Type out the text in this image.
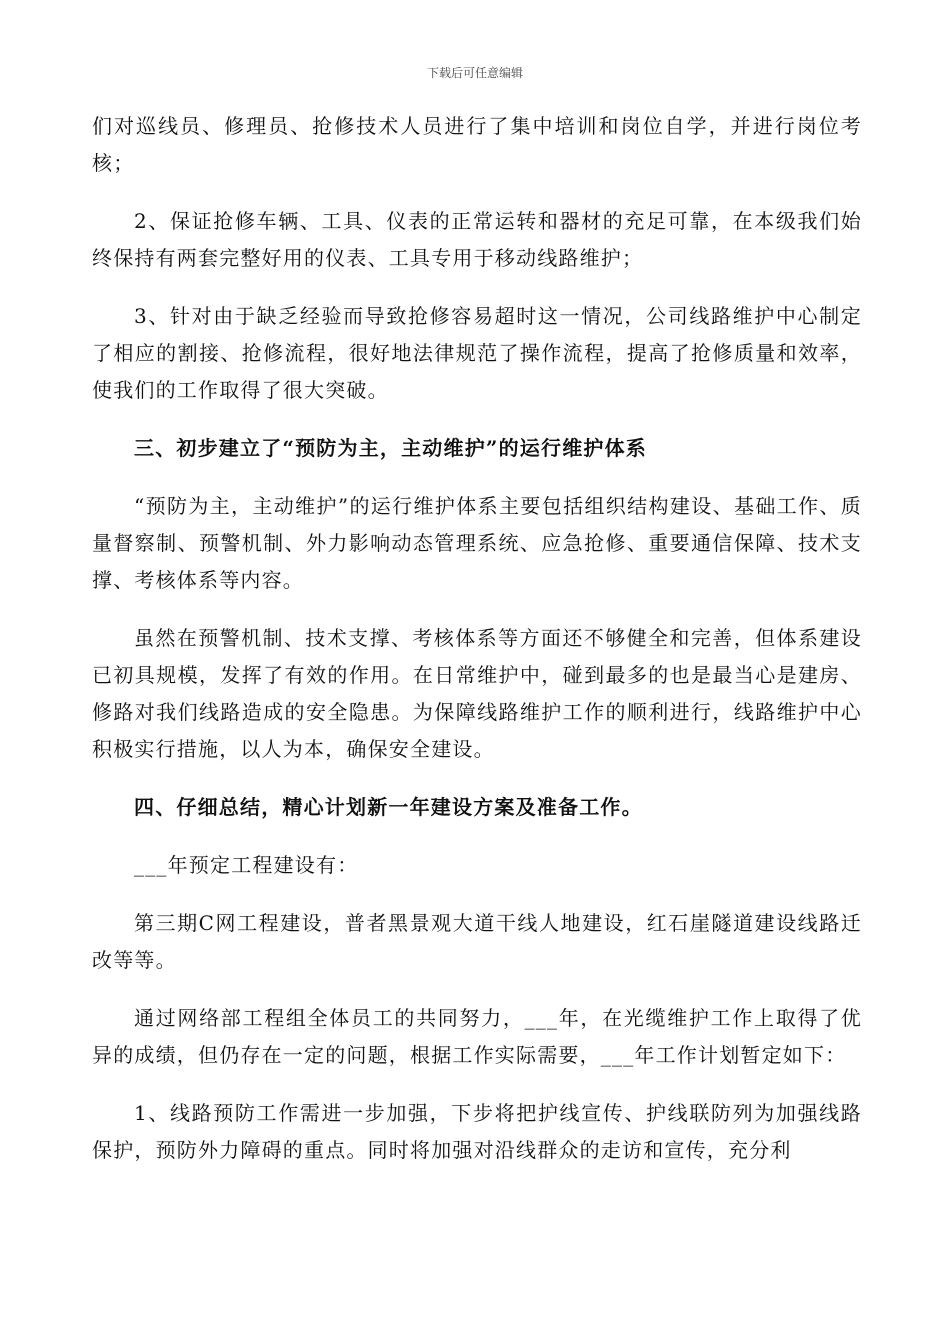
下载后可任意编辑

们对巡线员、修理员、抢修技术人员进行了集中培训和岗位自学，并进行岗位考核；

2、保证抢修车辆、工具、仪表的正常运转和器材的充足可靠，在本级我们始终保持有两套完整好用的仪表、工具专用于移动线路维护；

3、针对由于缺乏经验而导致抢修容易超时这一情况，公司线路维护中心制定了相应的割接、抢修流程，很好地法律规范了操作流程，提高了抢修质量和效率，使我们的工作取得了很大突破。

三、初步建立了“预防为主，主动维护”的运行维护体系

“预防为主，主动维护”的运行维护体系主要包括组织结构建设、基础工作、质量督察制、预警机制、外力影响动态管理系统、应急抢修、重要通信保障、技术支撑、考核体系等内容。

虽然在预警机制、技术支撑、考核体系等方面还不够健全和完善，但体系建设已初具规模，发挥了有效的作用。在日常维护中，碰到最多的也是最当心是建房、修路对我们线路造成的安全隐患。为保障线路维护工作的顺利进行，线路维护中心积极实行措施，以人为本，确保安全建设。

四、仔细总结，精心计划新一年建设方案及准备工作。

___年预定工程建设有：

第三期C网工程建设，普者黑景观大道干线人地建设，红石崖隧道建设线路迁改等等。

通过网络部工程组全体员工的共同努力，___年，在光缆维护工作上取得了优异的成绩，但仍存在一定的问题，根据工作实际需要，___年工作计划暂定如下：

1、线路预防工作需进一步加强，下步将把护线宣传、护线联防列为加强线路保护，预防外力障碍的重点。同时将加强对沿线群众的走访和宣传，充分利
